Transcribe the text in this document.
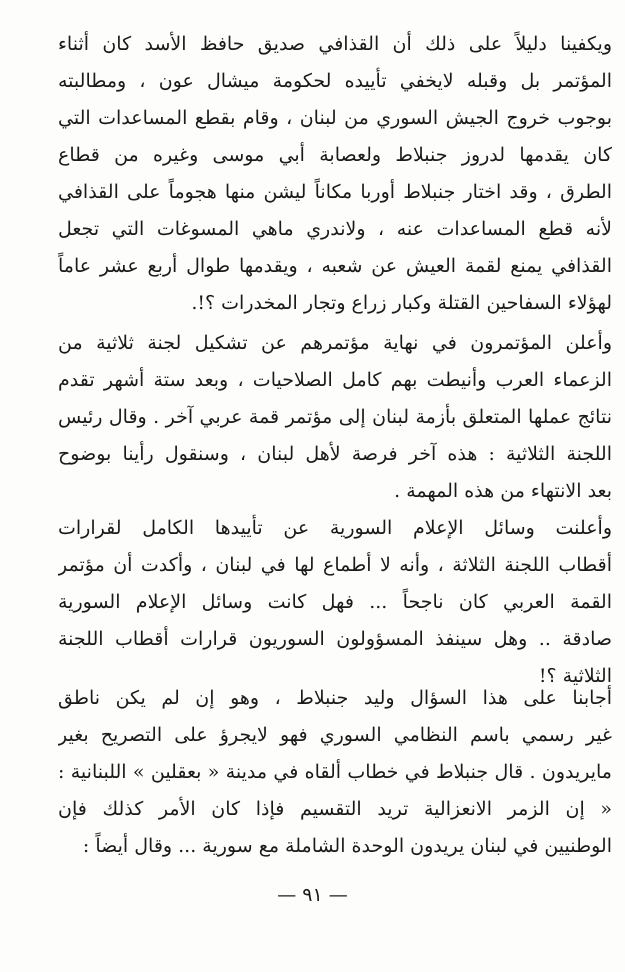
ويكفينا دليلاً على ذلك أن القذافي صديق حافظ الأسد كان أثناء
المؤتمر بل وقبله لايخفي تأييده لحكومة ميشال عون ، ومطالبته
بوجوب خروج الجيش السوري من لبنان ، وقام بقطع المساعدات التي
كان يقدمها لدروز جنبلاط ولعصابة أبي موسى وغيره من قطاع
الطرق ، وقد اختار جنبلاط أوربا مكاناً ليشن منها هجوماً على القذافي
لأنه قطع المساعدات عنه ، ولاندري ماهي المسوغات التي تجعل
القذافي يمنع لقمة العيش عن شعبه ، ويقدمها طوال أربع عشر عاماً
لهؤلاء السفاحين القتلة وكبار زراع وتجار المخدرات ؟!.
وأعلن المؤتمرون في نهاية مؤتمرهم عن تشكيل لجنة ثلاثية من
الزعماء العرب وأنيطت بهم كامل الصلاحيات ، وبعد ستة أشهر تقدم
نتائج عملها المتعلق بأزمة لبنان إلى مؤتمر قمة عربي آخر . وقال رئيس
اللجنة الثلاثية : هذه آخر فرصة لأهل لبنان ، وسنقول رأينا بوضوح
بعد الانتهاء من هذه المهمة .
وأعلنت وسائل الإعلام السورية عن تأييدها الكامل لقرارات
أقطاب اللجنة الثلاثة ، وأنه لا أطماع لها في لبنان ، وأكدت أن مؤتمر
القمة العربي كان ناجحاً ... فهل كانت وسائل الإعلام السورية
صادقة .. وهل سينفذ المسؤولون السوريون قرارات أقطاب اللجنة
الثلاثية ؟!
أجابنا على هذا السؤال وليد جنبلاط ، وهو إن لم يكن ناطق
غير رسمي باسم النظامي السوري فهو لايجرؤ على التصريح بغير
مايريدون . قال جنبلاط في خطاب ألقاه في مدينة « بعقلين » اللبنانية :
« إن الزمر الانعزالية تريد التقسيم فإذا كان الأمر كذلك فإن
الوطنيين في لبنان يريدون الوحدة الشاملة مع سورية ... وقال أيضاً :
— ٩١ —
